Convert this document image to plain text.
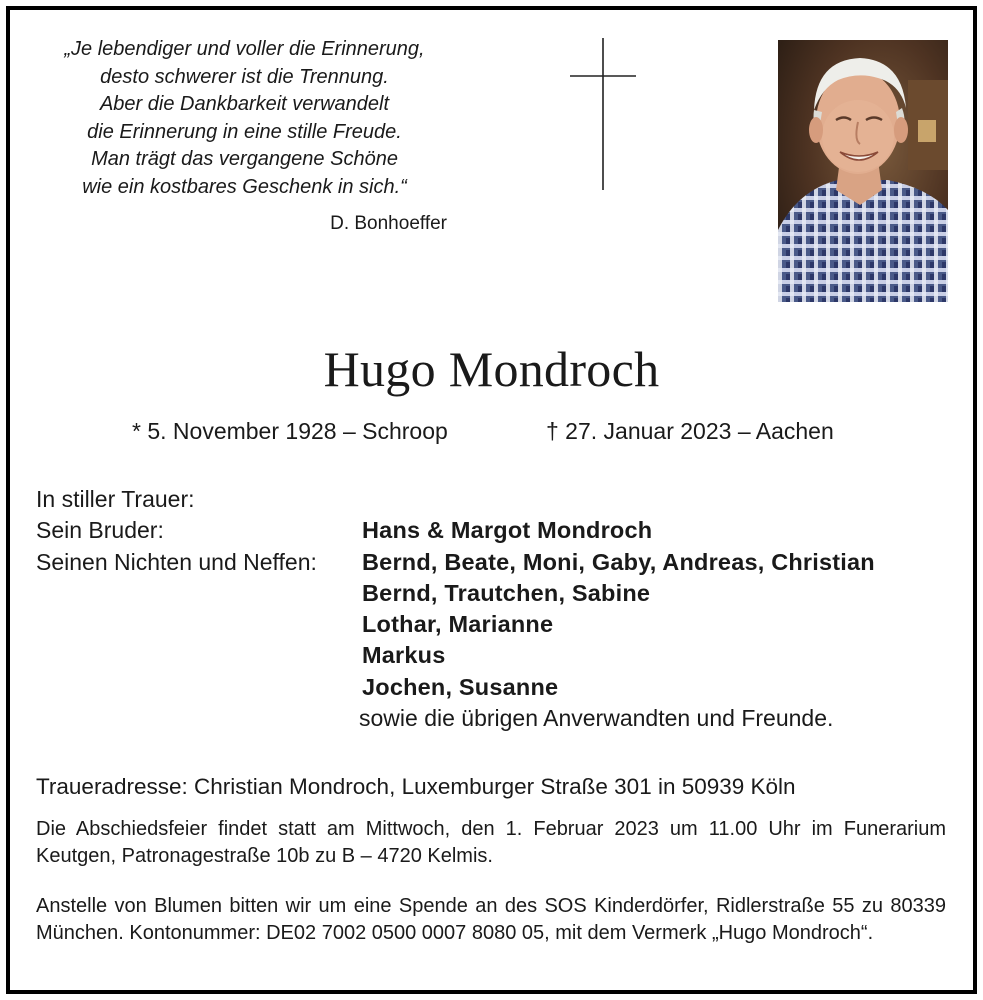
„Je lebendiger und voller die Erinnerung,
desto schwerer ist die Trennung.
Aber die Dankbarkeit verwandelt
die Erinnerung in eine stille Freude.
Man trägt das vergangene Schöne
wie ein kostbares Geschenk in sich.“
D. Bonhoeffer
Hugo Mondroch
* 5. November 1928 – Schroop	† 27. Januar 2023 – Aachen
In stiller Trauer:
Sein Bruder:	Hans & Margot Mondroch
Seinen Nichten und Neffen: Bernd, Beate, Moni, Gaby, Andreas, Christian
Bernd, Trautchen, Sabine
Lothar, Marianne
Markus
Jochen, Susanne
sowie die übrigen Anverwandten und Freunde.
Traueradresse: Christian Mondroch, Luxemburger Straße 301 in 50939 Köln
Die Abschiedsfeier findet statt am Mittwoch, den 1. Februar 2023 um 11.00 Uhr im Funerarium Keutgen, Patronagestraße 10b zu B – 4720 Kelmis.
Anstelle von Blumen bitten wir um eine Spende an des SOS Kinderdörfer, Ridlerstraße 55 zu 80339 München. Kontonummer: DE02 7002 0500 0007 8080 05, mit dem Vermerk „Hugo Mondroch“.
